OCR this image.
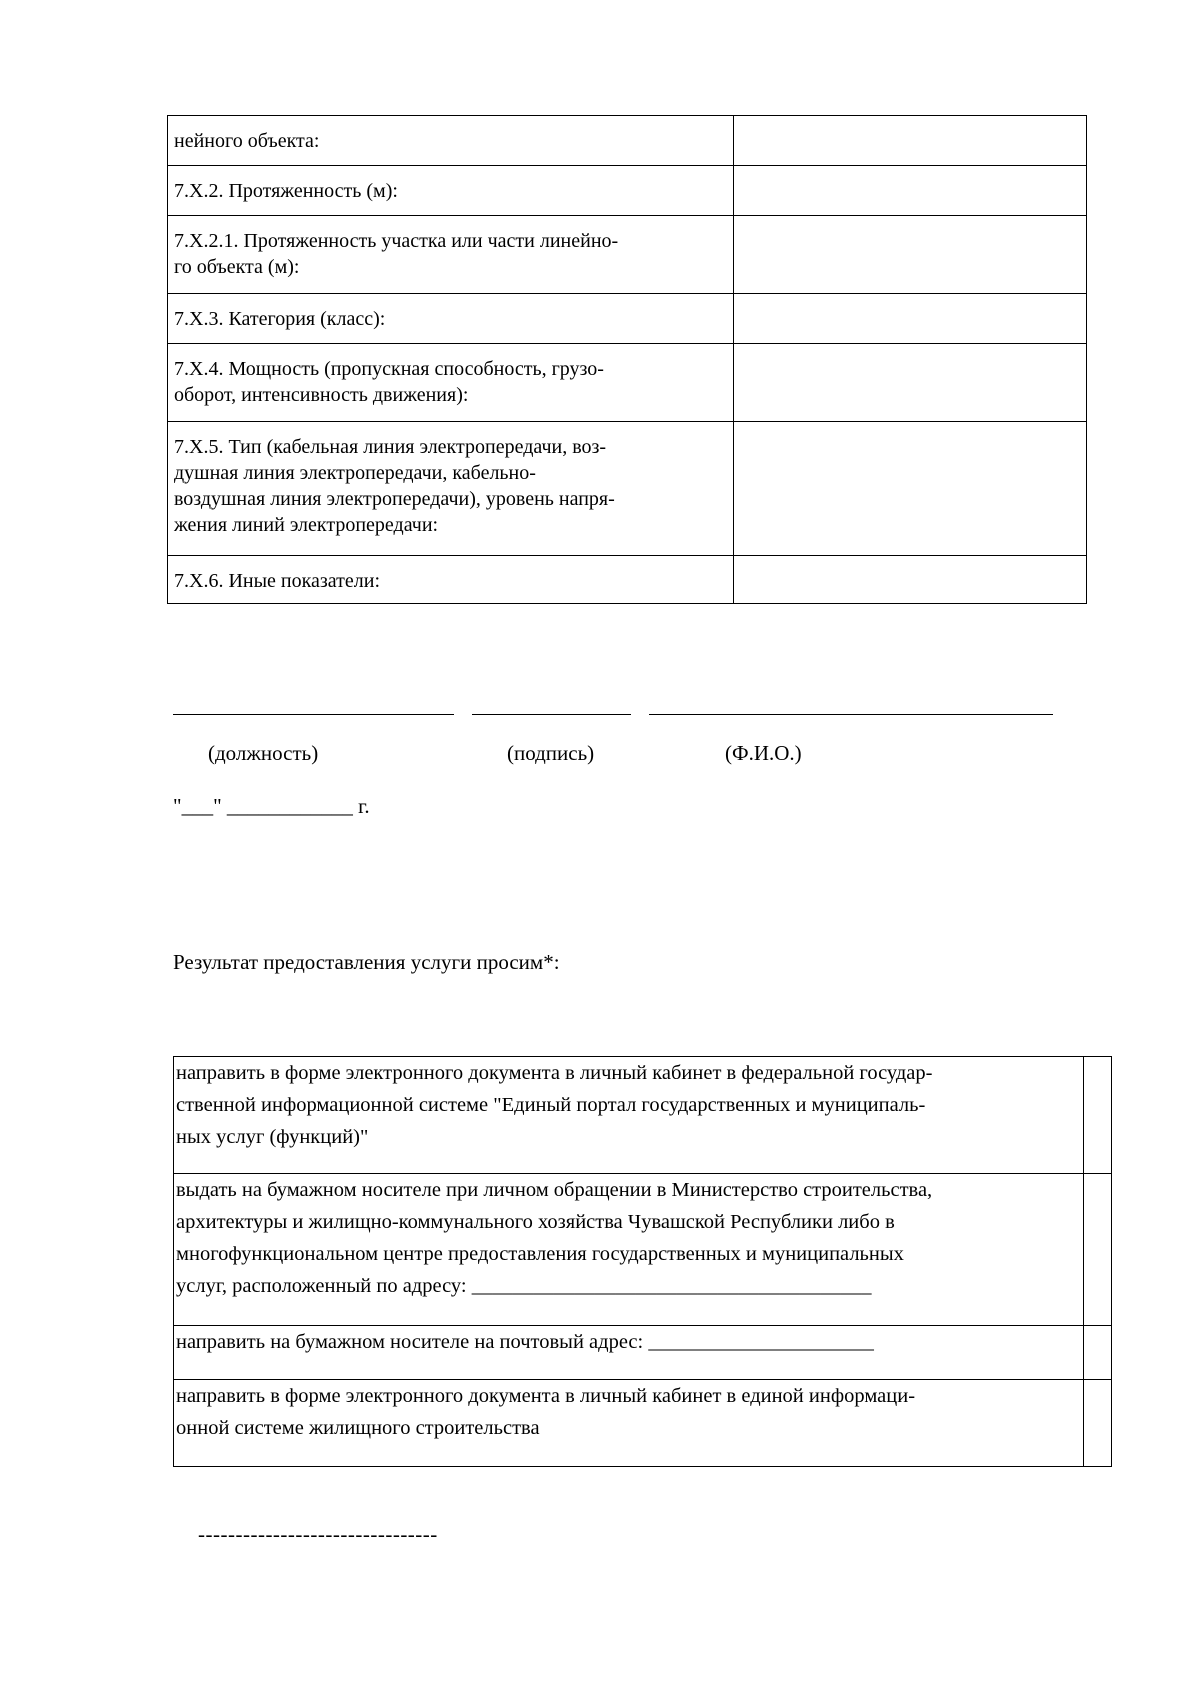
нейного объекта:	
7.X.2. Протяженность (м):	
7.X.2.1. Протяженность участка или части линейно-
го объекта (м):	
7.X.3. Категория (класс):	
7.X.4. Мощность (пропускная способность, грузо-
оборот, интенсивность движения):	
7.X.5. Тип (кабельная линия электропередачи, воз-
душная линия электропередачи, кабельно-
воздушная линия электропередачи), уровень напря-
жения линий электропередачи:	
7.X.6. Иные показатели:	
(должность)	(подпись)	(Ф.И.О.)
"___" ____________ г.
Результат предоставления услуги просим*:
направить в форме электронного документа в личный кабинет в федеральной государ-
ственной информационной системе "Единый портал государственных и муниципаль-
ных услуг (функций)"	
выдать на бумажном носителе при личном обращении в Министерство строительства,
архитектуры и жилищно-коммунального хозяйства Чувашской Республики либо в
многофункциональном центре предоставления государственных и муниципальных
услуг, расположенный по адресу: _______________________________________	
направить на бумажном носителе на почтовый адрес: ______________________	
направить в форме электронного документа в личный кабинет в единой информаци-
онной системе жилищного строительства	
--------------------------------
